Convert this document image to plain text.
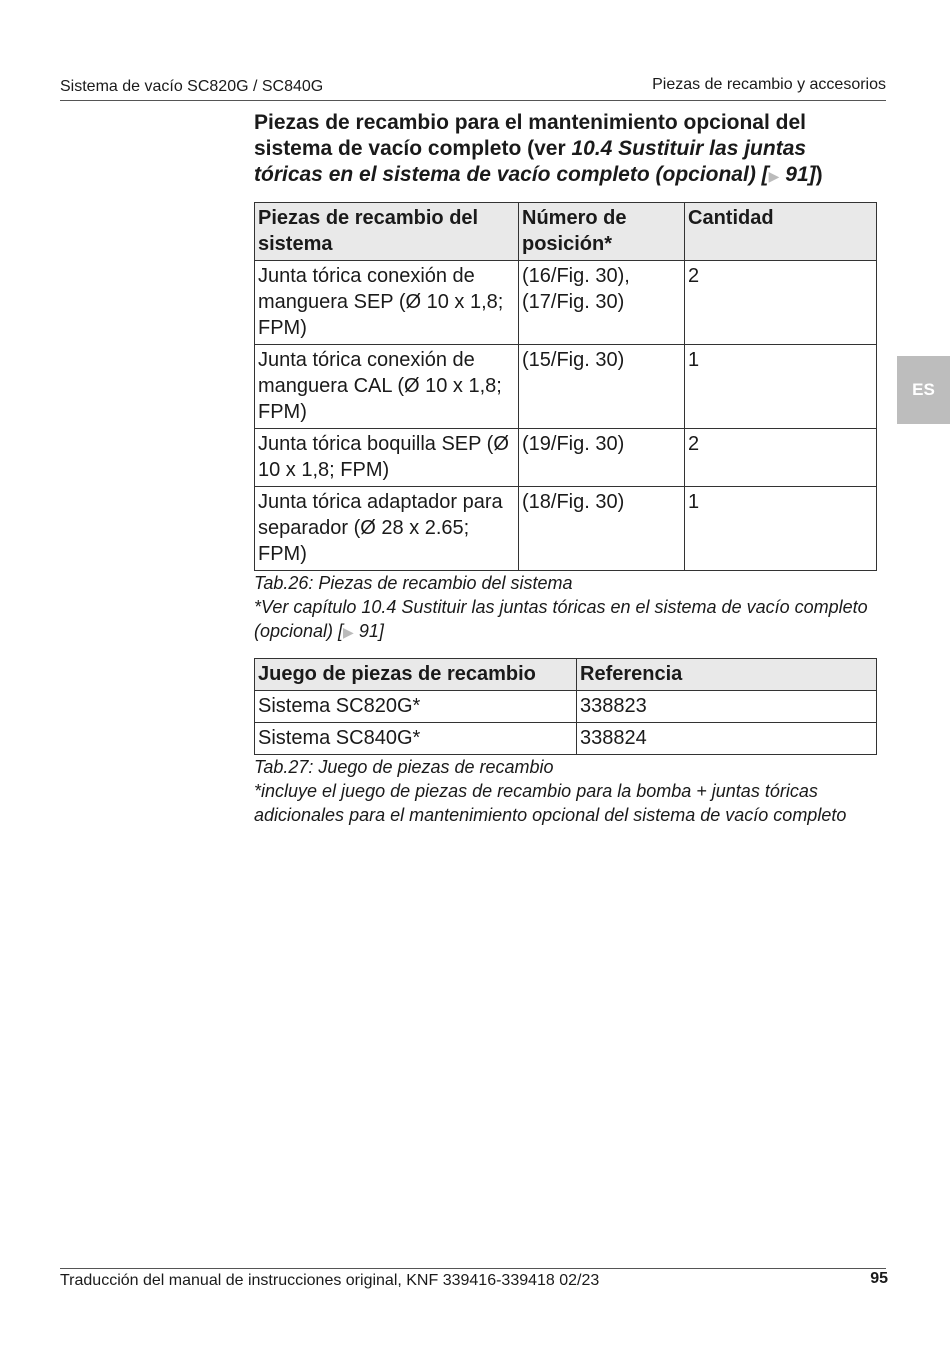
Sistema de vacío SC820G / SC840G	Piezas de recambio y accesorios
ES
Piezas de recambio para el mantenimiento opcional del sistema de vacío completo (ver 10.4 Sustituir las juntas tóricas en el sistema de vacío completo (opcional) [▶ 91])
Piezas de recambio del sistema	Número de posición*	Cantidad
Junta tórica conexión de manguera SEP (Ø 10 x 1,8; FPM)	(16/Fig. 30), (17/Fig. 30)	2
Junta tórica conexión de manguera CAL (Ø 10 x 1,8; FPM)	(15/Fig. 30)	1
Junta tórica boquilla SEP (Ø 10 x 1,8; FPM)	(19/Fig. 30)	2
Junta tórica adaptador para separador (Ø 28 x 2.65; FPM)	(18/Fig. 30)	1

Tab.26: Piezas de recambio del sistema

*Ver capítulo 10.4 Sustituir las juntas tóricas en el sistema de vacío completo (opcional) [▶ 91]

Juego de piezas de recambio	Referencia
Sistema SC820G*	338823
Sistema SC840G*	338824

Tab.27: Juego de piezas de recambio

*incluye el juego de piezas de recambio para la bomba + juntas tóricas adicionales para el mantenimiento opcional del sistema de vacío completo

Traducción del manual de instrucciones original, KNF 339416-339418 02/23	95
